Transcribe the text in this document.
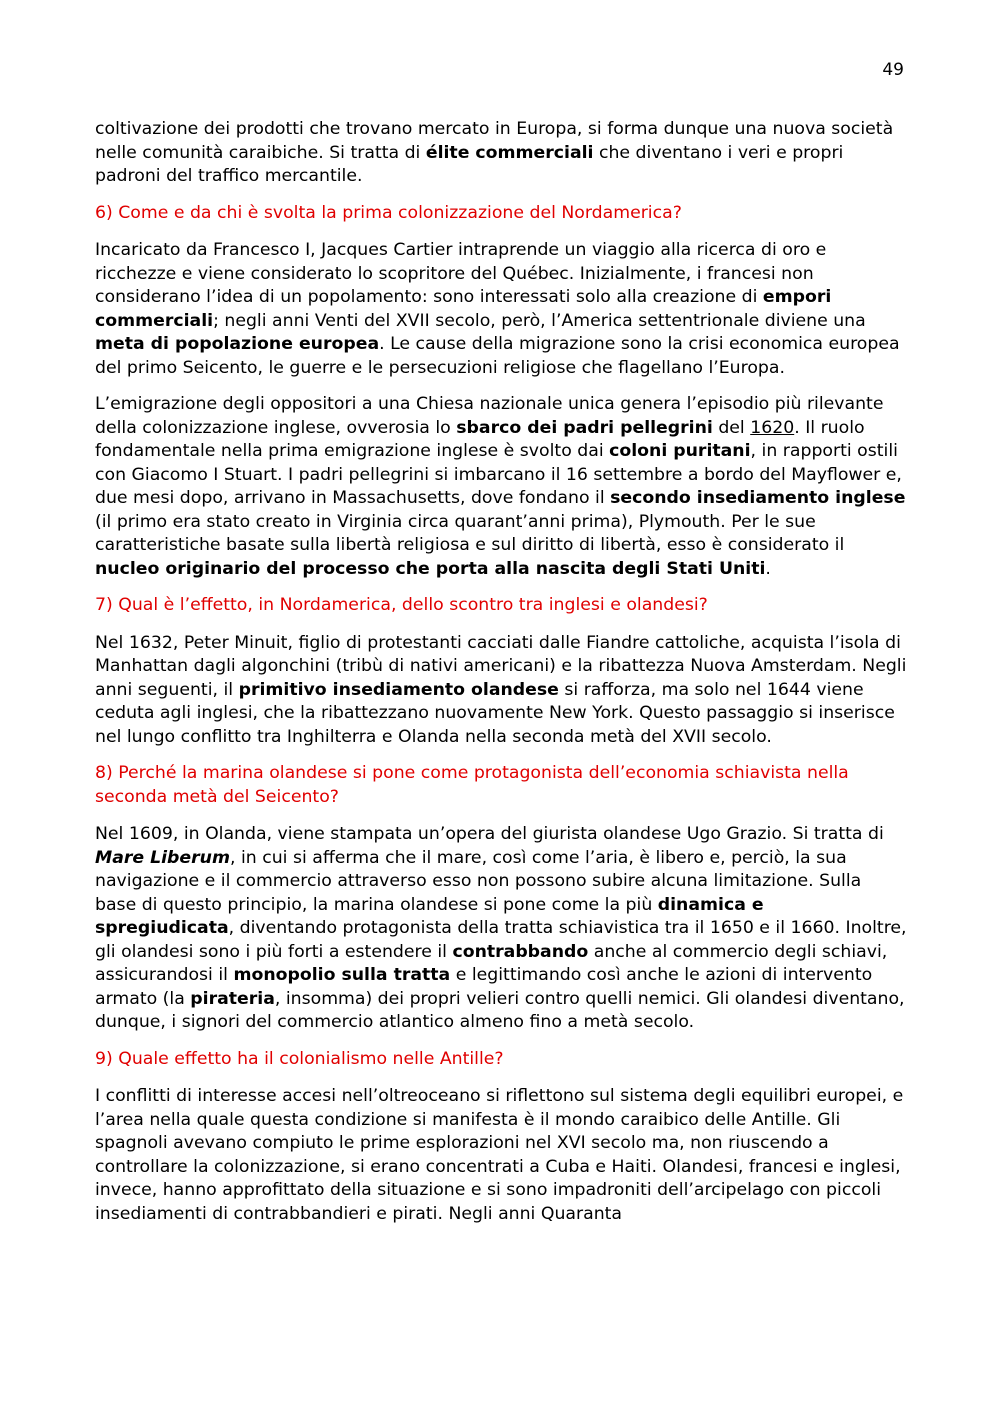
49

coltivazione dei prodotti che trovano mercato in Europa, si forma dunque una nuova società nelle comunità caraibiche. Si tratta di élite commerciali che diventano i veri e propri padroni del traffico mercantile.

6) Come e da chi è svolta la prima colonizzazione del Nordamerica?

Incaricato da Francesco I, Jacques Cartier intraprende un viaggio alla ricerca di oro e ricchezze e viene considerato lo scopritore del Québec. Inizialmente, i francesi non considerano l’idea di un popolamento: sono interessati solo alla creazione di empori commerciali; negli anni Venti del XVII secolo, però, l’America settentrionale diviene una meta di popolazione europea. Le cause della migrazione sono la crisi economica europea del primo Seicento, le guerre e le persecuzioni religiose che flagellano l’Europa.

L’emigrazione degli oppositori a una Chiesa nazionale unica genera l’episodio più rilevante della colonizzazione inglese, ovverosia lo sbarco dei padri pellegrini del 1620. Il ruolo fondamentale nella prima emigrazione inglese è svolto dai coloni puritani, in rapporti ostili con Giacomo I Stuart. I padri pellegrini si imbarcano il 16 settembre a bordo del Mayflower e, due mesi dopo, arrivano in Massachusetts, dove fondano il secondo insediamento inglese (il primo era stato creato in Virginia circa quarant’anni prima), Plymouth. Per le sue caratteristiche basate sulla libertà religiosa e sul diritto di libertà, esso è considerato il nucleo originario del processo che porta alla nascita degli Stati Uniti.

7) Qual è l’effetto, in Nordamerica, dello scontro tra inglesi e olandesi?

Nel 1632, Peter Minuit, figlio di protestanti cacciati dalle Fiandre cattoliche, acquista l’isola di Manhattan dagli algonchini (tribù di nativi americani) e la ribattezza Nuova Amsterdam. Negli anni seguenti, il primitivo insediamento olandese si rafforza, ma solo nel 1644 viene ceduta agli inglesi, che la ribattezzano nuovamente New York. Questo passaggio si inserisce nel lungo conflitto tra Inghilterra e Olanda nella seconda metà del XVII secolo.

8) Perché la marina olandese si pone come protagonista dell’economia schiavista nella seconda metà del Seicento?

Nel 1609, in Olanda, viene stampata un’opera del giurista olandese Ugo Grazio. Si tratta di Mare Liberum, in cui si afferma che il mare, così come l’aria, è libero e, perciò, la sua navigazione e il commercio attraverso esso non possono subire alcuna limitazione. Sulla base di questo principio, la marina olandese si pone come la più dinamica e spregiudicata, diventando protagonista della tratta schiavistica tra il 1650 e il 1660. Inoltre, gli olandesi sono i più forti a estendere il contrabbando anche al commercio degli schiavi, assicurandosi il monopolio sulla tratta e legittimando così anche le azioni di intervento armato (la pirateria, insomma) dei propri velieri contro quelli nemici. Gli olandesi diventano, dunque, i signori del commercio atlantico almeno fino a metà secolo.

9) Quale effetto ha il colonialismo nelle Antille?

I conflitti di interesse accesi nell’oltreoceano si riflettono sul sistema degli equilibri europei, e l’area nella quale questa condizione si manifesta è il mondo caraibico delle Antille. Gli spagnoli avevano compiuto le prime esplorazioni nel XVI secolo ma, non riuscendo a controllare la colonizzazione, si erano concentrati a Cuba e Haiti. Olandesi, francesi e inglesi, invece, hanno approfittato della situazione e si sono impadroniti dell’arcipelago con piccoli insediamenti di contrabbandieri e pirati. Negli anni Quaranta
